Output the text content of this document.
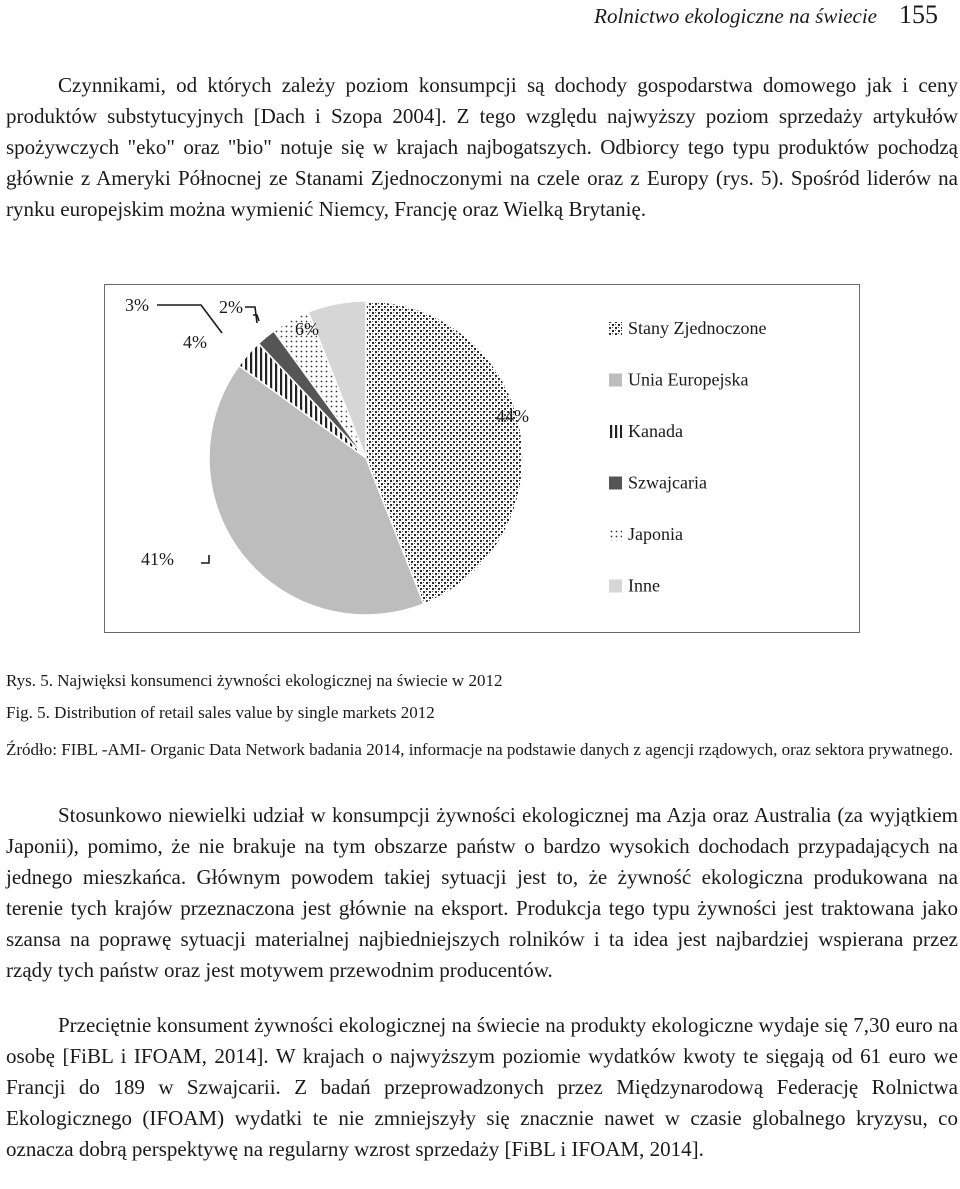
Rolnictwo ekologiczne na świecie 155

Czynnikami, od których zależy poziom konsumpcji są dochody gospodarstwa domowego jak i ceny produktów substytucyjnych [Dach i Szopa 2004]. Z tego względu najwyższy poziom sprzedaży artykułów spożywczych "eko" oraz "bio" notuje się w krajach najbogatszych. Odbiorcy tego typu produktów pochodzą głównie z Ameryki Północnej ze Stanami Zjednoczonymi na czele oraz z Europy (rys. 5). Spośród liderów na rynku europejskim można wymienić Niemcy, Francję oraz Wielką Brytanię.

44%
41%
3%	2%
4%
6%	Stany Zjednoczone
Unia Europejska
Kanada
Szwajcaria
Japonia
Inne

Rys. 5. Najwięksi konsumenci żywności ekologicznej na świecie w 2012

Fig. 5. Distribution of retail sales value by single markets 2012

Źródło: FIBL -AMI- Organic Data Network badania 2014, informacje na podstawie danych z agencji rządowych, oraz sektora prywatnego.

Stosunkowo niewielki udział w konsumpcji żywności ekologicznej ma Azja oraz Australia (za wyjątkiem Japonii), pomimo, że nie brakuje na tym obszarze państw o bardzo wysokich dochodach przypadających na jednego mieszkańca. Głównym powodem takiej sytuacji jest to, że żywność ekologiczna produkowana na terenie tych krajów przeznaczona jest głównie na eksport. Produkcja tego typu żywności jest traktowana jako szansa na poprawę sytuacji materialnej najbiedniejszych rolników i ta idea jest najbardziej wspierana przez rządy tych państw oraz jest motywem przewodnim producentów.

Przeciętnie konsument żywności ekologicznej na świecie na produkty ekologiczne wydaje się 7,30 euro na osobę [FiBL i IFOAM, 2014]. W krajach o najwyższym poziomie wydatków kwoty te sięgają od 61 euro we Francji do 189 w Szwajcarii. Z badań przeprowadzonych przez Międzynarodową Federację Rolnictwa Ekologicznego (IFOAM) wydatki te nie zmniejszyły się znacznie nawet w czasie globalnego kryzysu, co oznacza dobrą perspektywę na regularny wzrost sprzedaży [FiBL i IFOAM, 2014].
